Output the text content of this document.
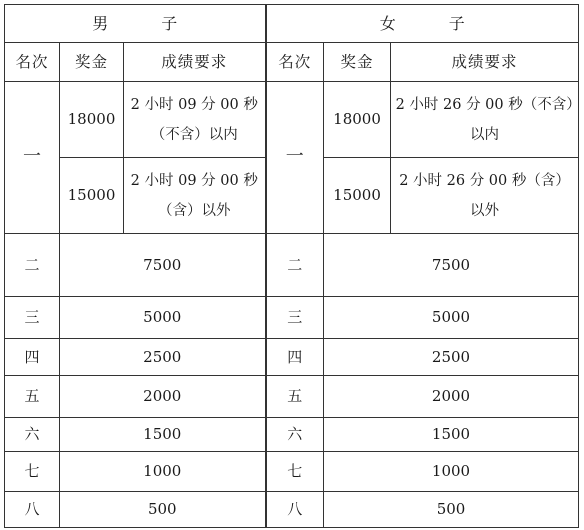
男 子			女 子		
名次	奖金	成绩要求	名次	奖金	成绩要求
一	18000	2 小时 09 分 00 秒（不含）以内	一	18000	2 小时 26 分 00 秒（不含）以内
	15000	2 小时 09 分 00 秒（含）以外		15000	2 小时 26 分 00 秒（含）以外
二	7500		二	7500	
三	5000		三	5000	
四	2500		四	2500	
五	2000		五	2000	
六	1500		六	1500	
七	1000		七	1000	
八	500		八	500	
